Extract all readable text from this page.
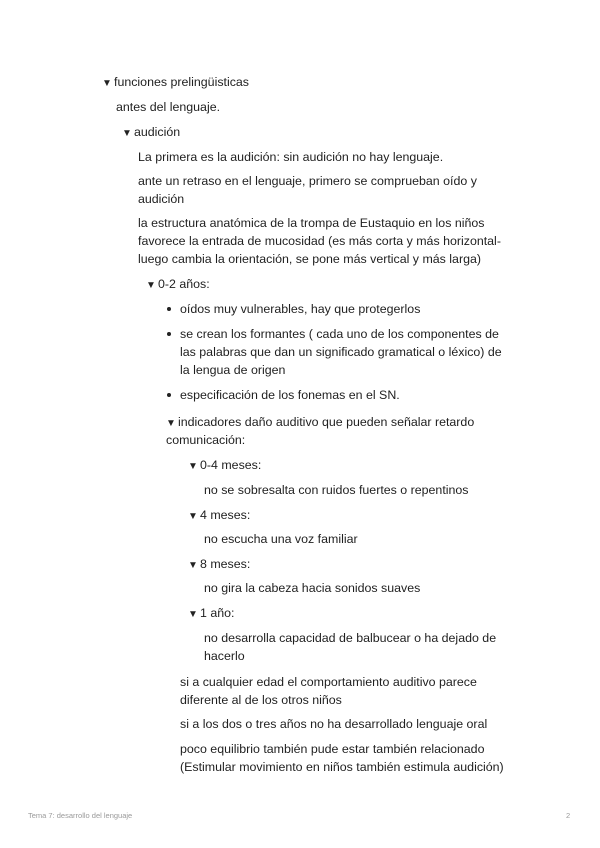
▼ funciones prelingüisticas
antes del lenguaje.
▼ audición
La primera es la audición: sin audición no hay lenguaje.
ante un retraso en el lenguaje, primero se comprueban oído y
audición
la estructura anatómica de la trompa de Eustaquio en los niños
favorece la entrada de mucosidad (es más corta y más horizontal-
luego cambia la orientación, se pone más vertical y más larga)
▼ 0-2 años:
oídos muy vulnerables, hay que protegerlos
se crean los formantes ( cada uno de los componentes de
las palabras que dan un significado gramatical o léxico) de
la lengua de origen
especificación de los fonemas en el SN.
▼ indicadores daño auditivo que pueden señalar retardo
comunicación:
▼ 0-4 meses:
no se sobresalta con ruidos fuertes o repentinos
▼ 4 meses:
no escucha una voz familiar
▼ 8 meses:
no gira la cabeza hacia sonidos suaves
▼ 1 año:
no desarrolla capacidad de balbucear o ha dejado de
hacerlo
si a cualquier edad el comportamiento auditivo parece
diferente al de los otros niños
si a los dos o tres años no ha desarrollado lenguaje oral
poco equilibrio también pude estar también relacionado
(Estimular movimiento en niños también estimula audición)
Tema 7: desarrollo del lenguaje	2
